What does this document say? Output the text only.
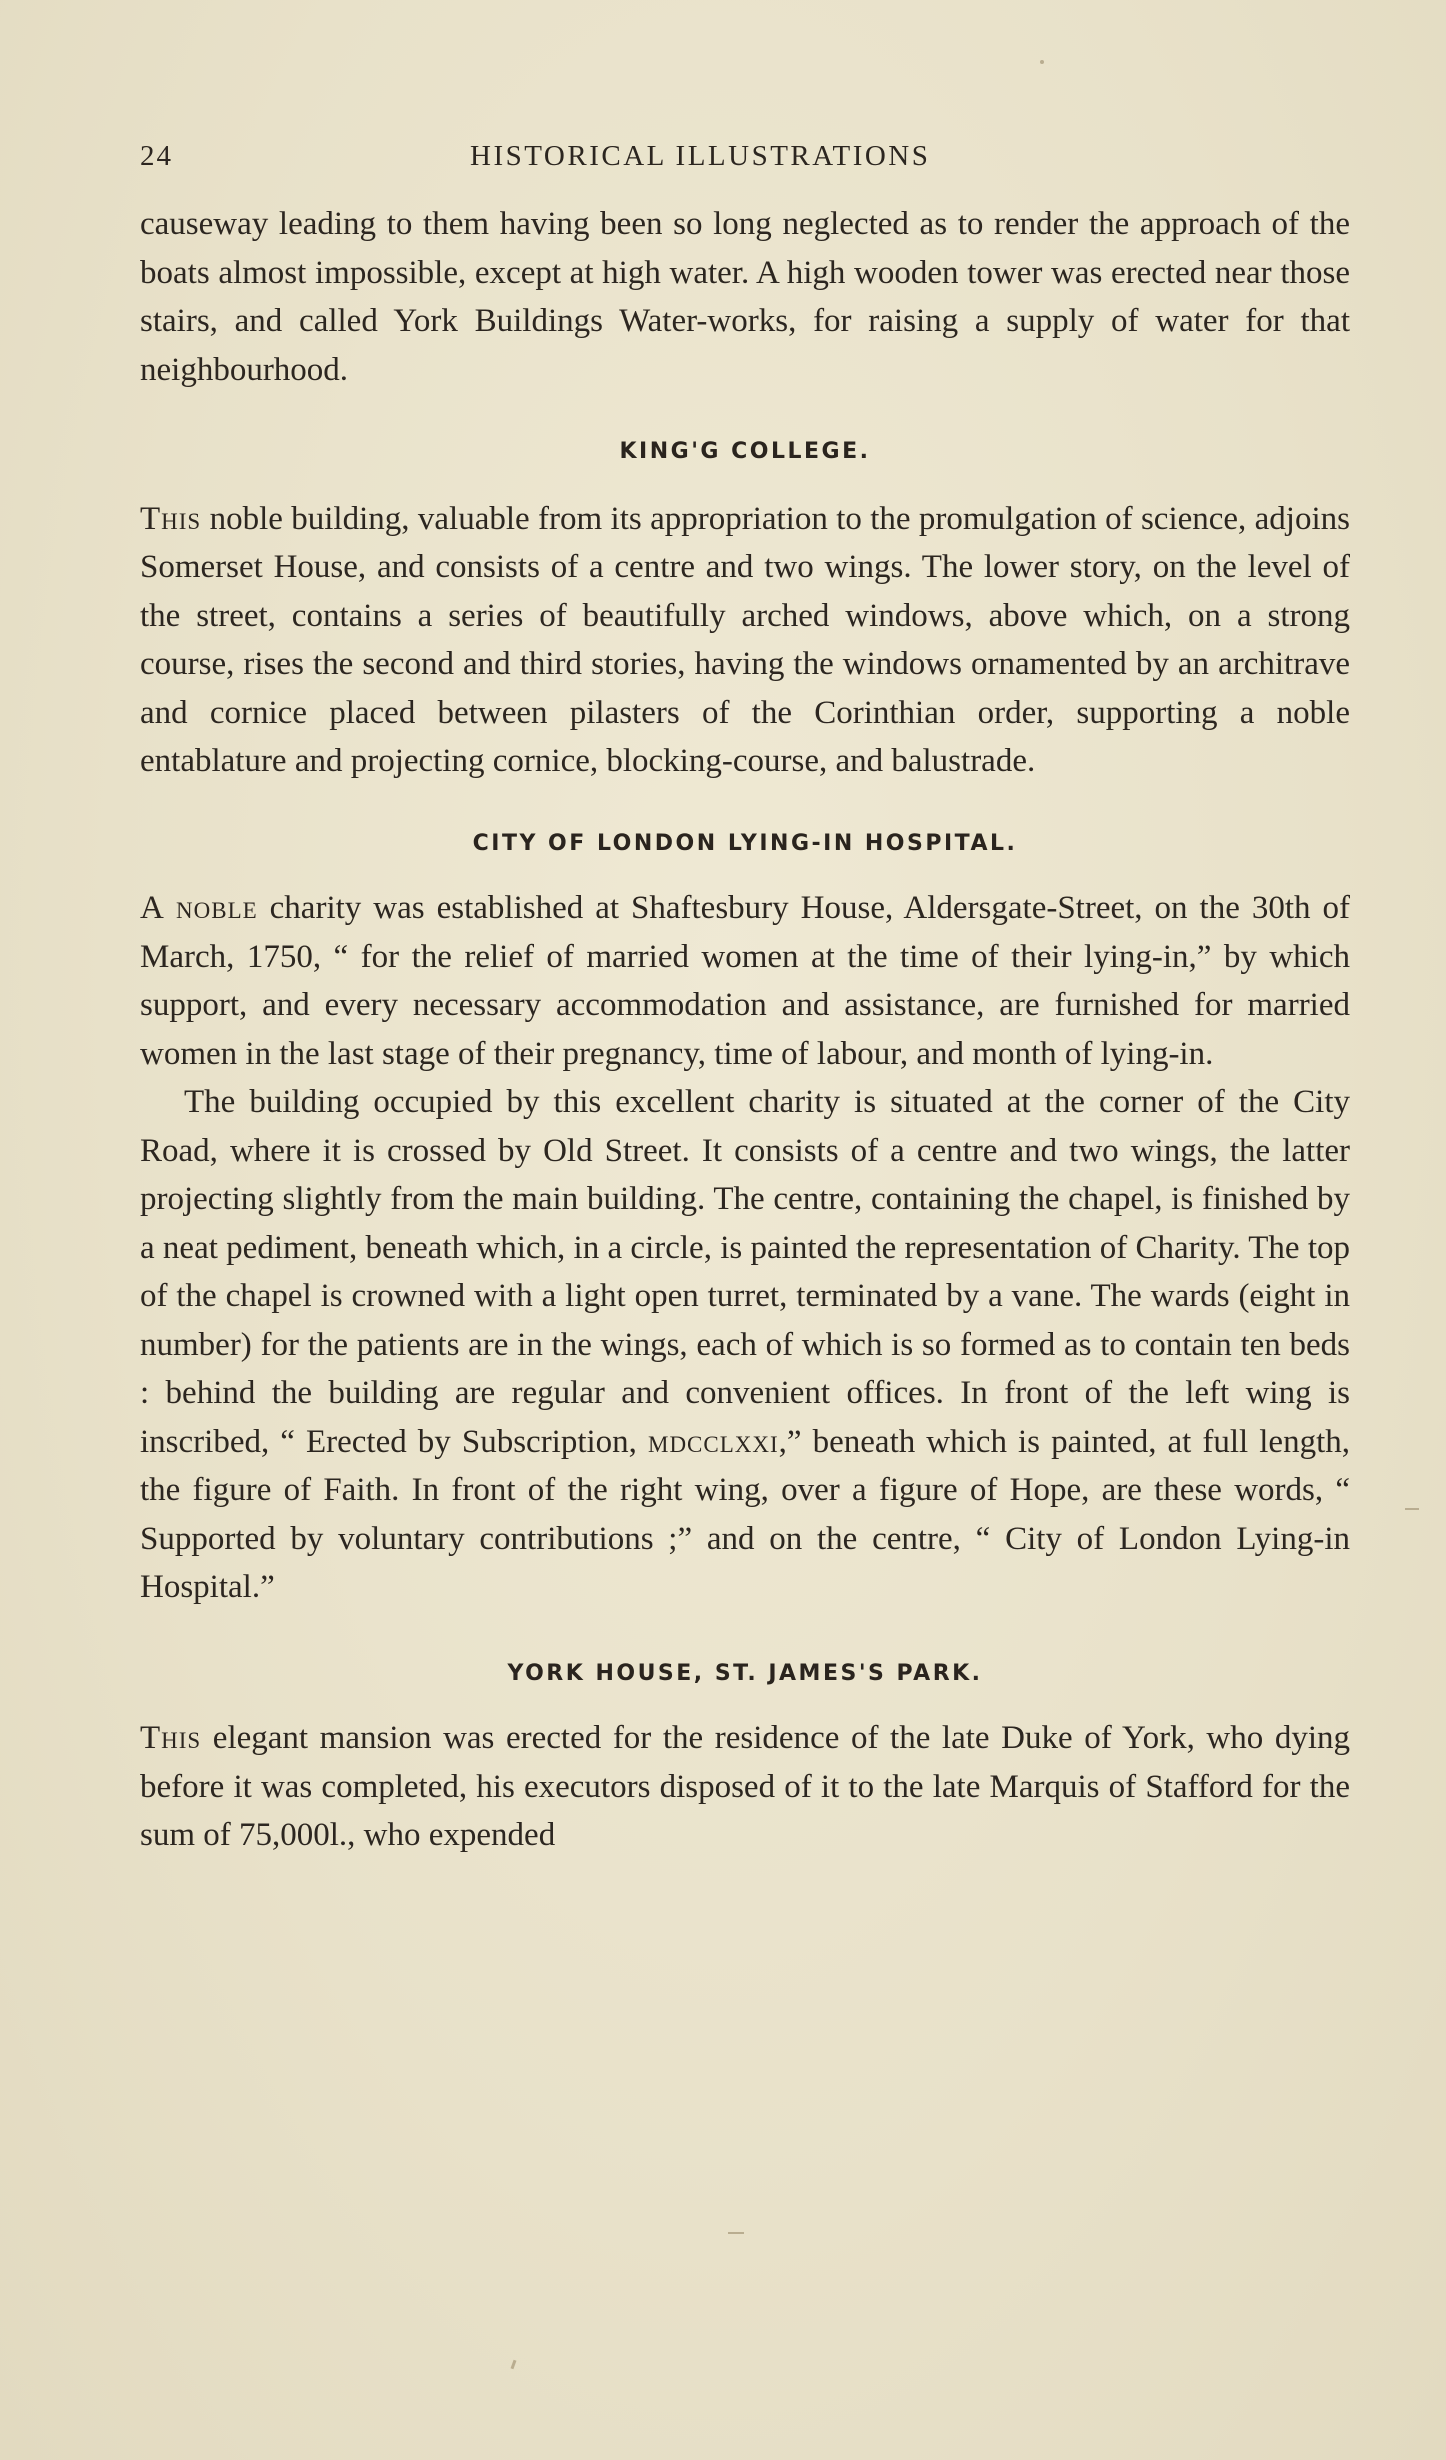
24	HISTORICAL ILLUSTRATIONS

causeway leading to them having been so long neglected as to render the approach of the boats almost impossible, except at high water. A high wooden tower was erected near those stairs, and called York Buildings Water-works, for raising a supply of water for that neighbourhood.

KING'G COLLEGE.

This noble building, valuable from its appropriation to the promulgation of science, adjoins Somerset House, and consists of a centre and two wings. The lower story, on the level of the street, contains a series of beautifully arched windows, above which, on a strong course, rises the second and third stories, having the windows ornamented by an architrave and cornice placed between pilasters of the Corinthian order, supporting a noble entablature and projecting cornice, blocking-course, and balustrade.

CITY OF LONDON LYING-IN HOSPITAL.

A noble charity was established at Shaftesbury House, Aldersgate-Street, on the 30th of March, 1750, “ for the relief of married women at the time of their lying-in,” by which support, and every necessary accommodation and assistance, are furnished for married women in the last stage of their pregnancy, time of labour, and month of lying-in.

The building occupied by this excellent charity is situated at the corner of the City Road, where it is crossed by Old Street. It consists of a centre and two wings, the latter projecting slightly from the main building. The centre, containing the chapel, is finished by a neat pediment, beneath which, in a circle, is painted the representation of Charity. The top of the chapel is crowned with a light open turret, terminated by a vane. The wards (eight in number) for the patients are in the wings, each of which is so formed as to contain ten beds : behind the building are regular and convenient offices. In front of the left wing is inscribed, “ Erected by Subscription, mdcclxxi,” beneath which is painted, at full length, the figure of Faith. In front of the right wing, over a figure of Hope, are these words, “ Supported by voluntary contributions ;” and on the centre, “ City of London Lying-in Hospital.”

YORK HOUSE, ST. JAMES'S PARK.

This elegant mansion was erected for the residence of the late Duke of York, who dying before it was completed, his executors disposed of it to the late Marquis of Stafford for the sum of 75,000l., who expended
